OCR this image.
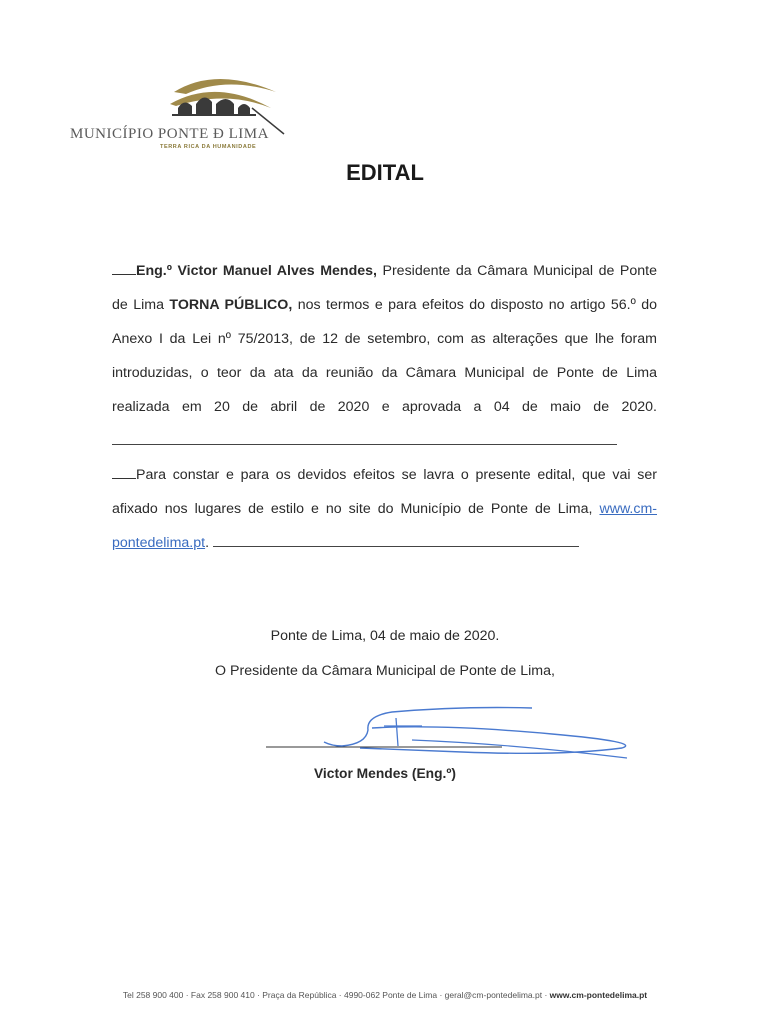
MUNICÍPIO PONTE Ð LIMA
TERRA RICA DA HUMANIDADE
EDITAL
Eng.º Victor Manuel Alves Mendes, Presidente da Câmara Municipal de Ponte de Lima TORNA PÚBLICO, nos termos e para efeitos do disposto no artigo 56.º do Anexo I da Lei nº 75/2013, de 12 de setembro, com as alterações que lhe foram introduzidas, o teor da ata da reunião da Câmara Municipal de Ponte de Lima realizada em 20 de abril de 2020 e aprovada a 04 de maio de 2020.
Para constar e para os devidos efeitos se lavra o presente edital, que vai ser afixado nos lugares de estilo e no site do Município de Ponte de Lima, www.cm-pontedelima.pt.
Ponte de Lima, 04 de maio de 2020.
O Presidente da Câmara Municipal de Ponte de Lima,
Victor Mendes (Eng.º)
Tel 258 900 400 · Fax 258 900 410 · Praça da República · 4990-062 Ponte de Lima · geral@cm-pontedelima.pt · www.cm-pontedelima.pt
